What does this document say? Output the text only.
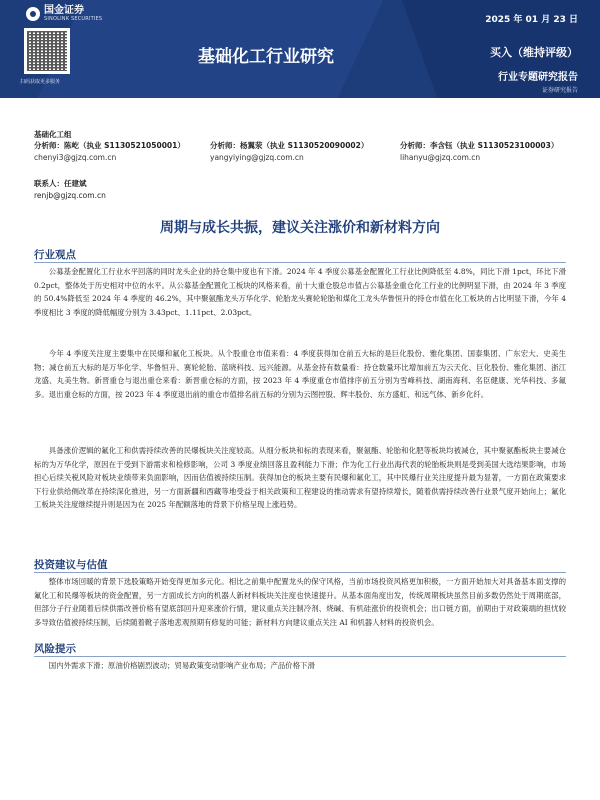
国金证券
SINOLINK SECURITIES	2025 年 01 月 23 日
扫码获取更多服务
基础化工行业研究	买入（维持评级）
行业专题研究报告
证券研究报告
基础化工组
分析师：陈屹（执业 S1130521050001）
chenyi3@gjzq.com.cn
分析师：杨翼荥（执业 S1130520090002）
yangyiying@gjzq.com.cn
分析师：李含钰（执业 S1130523100003）
lihanyu@gjzq.com.cn
联系人：任建斌
renjb@gjzq.com.cn
周期与成长共振，建议关注涨价和新材料方向
行业观点

公募基金配置化工行业水平回落的同时龙头企业的持仓集中度也有下滑。2024 年 4 季度公募基金配置化工行业比例降低至 4.8%，同比下滑 1pct，环比下滑 0.2pct，整体处于历史相对中位的水平。从公募基金配置化工板块的风格来看，前十大重仓股总市值占公募基金重仓化工行业的比例明显下滑，由 2024 年 3 季度的 50.4%降低至 2024 年 4 季度的 46.2%，其中聚氨酯龙头万华化学、轮胎龙头赛轮轮胎和煤化工龙头华鲁恒升的持仓市值在化工板块的占比明显下滑，今年 4 季度相比 3 季度的降低幅度分别为 3.43pct、1.11pct、2.03pct。

今年 4 季度关注度主要集中在民爆和氟化工板块。从个股重仓市值来看：4 季度获得加仓前五大标的是巨化股份、雅化集团、国泰集团、广东宏大、史美生物；减仓前五大标的是万华化学、华鲁恒升、赛轮轮胎、蓝晓科技、远兴能源。从基金持有数量看：持仓数量环比增加前五为云天化、巨化股份、雅化集团、浙江龙盛、丸美生物。新晋重仓与退出重仓来看：新晋重仓标的方面，按 2023 年 4 季度重仓市值排序前五分别为雪峰科技、湖南海利、名臣健康、光华科技、多氟多。退出重仓标的方面，按 2023 年 4 季度退出前的重仓市值排名前五标的分别为云图控股、辉丰股份、东方盛虹、和远气体、新乡化纤。

具备涨价逻辑的氟化工和供需持续改善的民爆板块关注度较高。从细分板块和标的表现来看，聚氨酯、轮胎和化肥等板块均被减仓，其中聚氨酯板块主要减仓标的为万华化学，原因在于受到下游需求和检修影响，公司 3 季度业绩回落且盈利能力下滑；作为化工行业出海代表的轮胎板块则是受到美国大选结果影响，市场担心后续关税风险对板块业绩带来负面影响，因而估值被持续压制。获得加仓的板块主要有民爆和氟化工，其中民爆行业关注度提升最为显著，一方面在政策要求下行业供给侧改革在持续深化推进，另一方面新疆和西藏等地受益于相关政策和工程建设的推动需求有望持续增长，随着供需持续改善行业景气度开始向上；氟化工板块关注度继续提升则是因为在 2025 年配额落地的背景下价格呈现上涨趋势。

投资建议与估值

整体市场回暖的背景下选股策略开始变得更加多元化。相比之前集中配置龙头的保守风格，当前市场投资风格更加积极，一方面开始加大对具备基本面支撑的氟化工和民爆等板块的资金配置，另一方面成长方向的机器人新材料板块关注度也快速提升。从基本面角度出发，传统周期板块虽然目前多数仍然处于周期底部，但部分子行业随着后续供需改善价格有望底部回升迎来涨价行情，建议重点关注制冷剂、烧碱、有机硅涨价的投资机会；出口链方面，前期由于对政策端的担忧较多导致估值被持续压制，后续随着靴子落地悲观预期有修复的可能；新材料方向建议重点关注 AI 和机器人材料的投资机会。

风险提示

国内外需求下滑；原油价格剧烈波动；贸易政策变动影响产业布局；产品价格下滑
